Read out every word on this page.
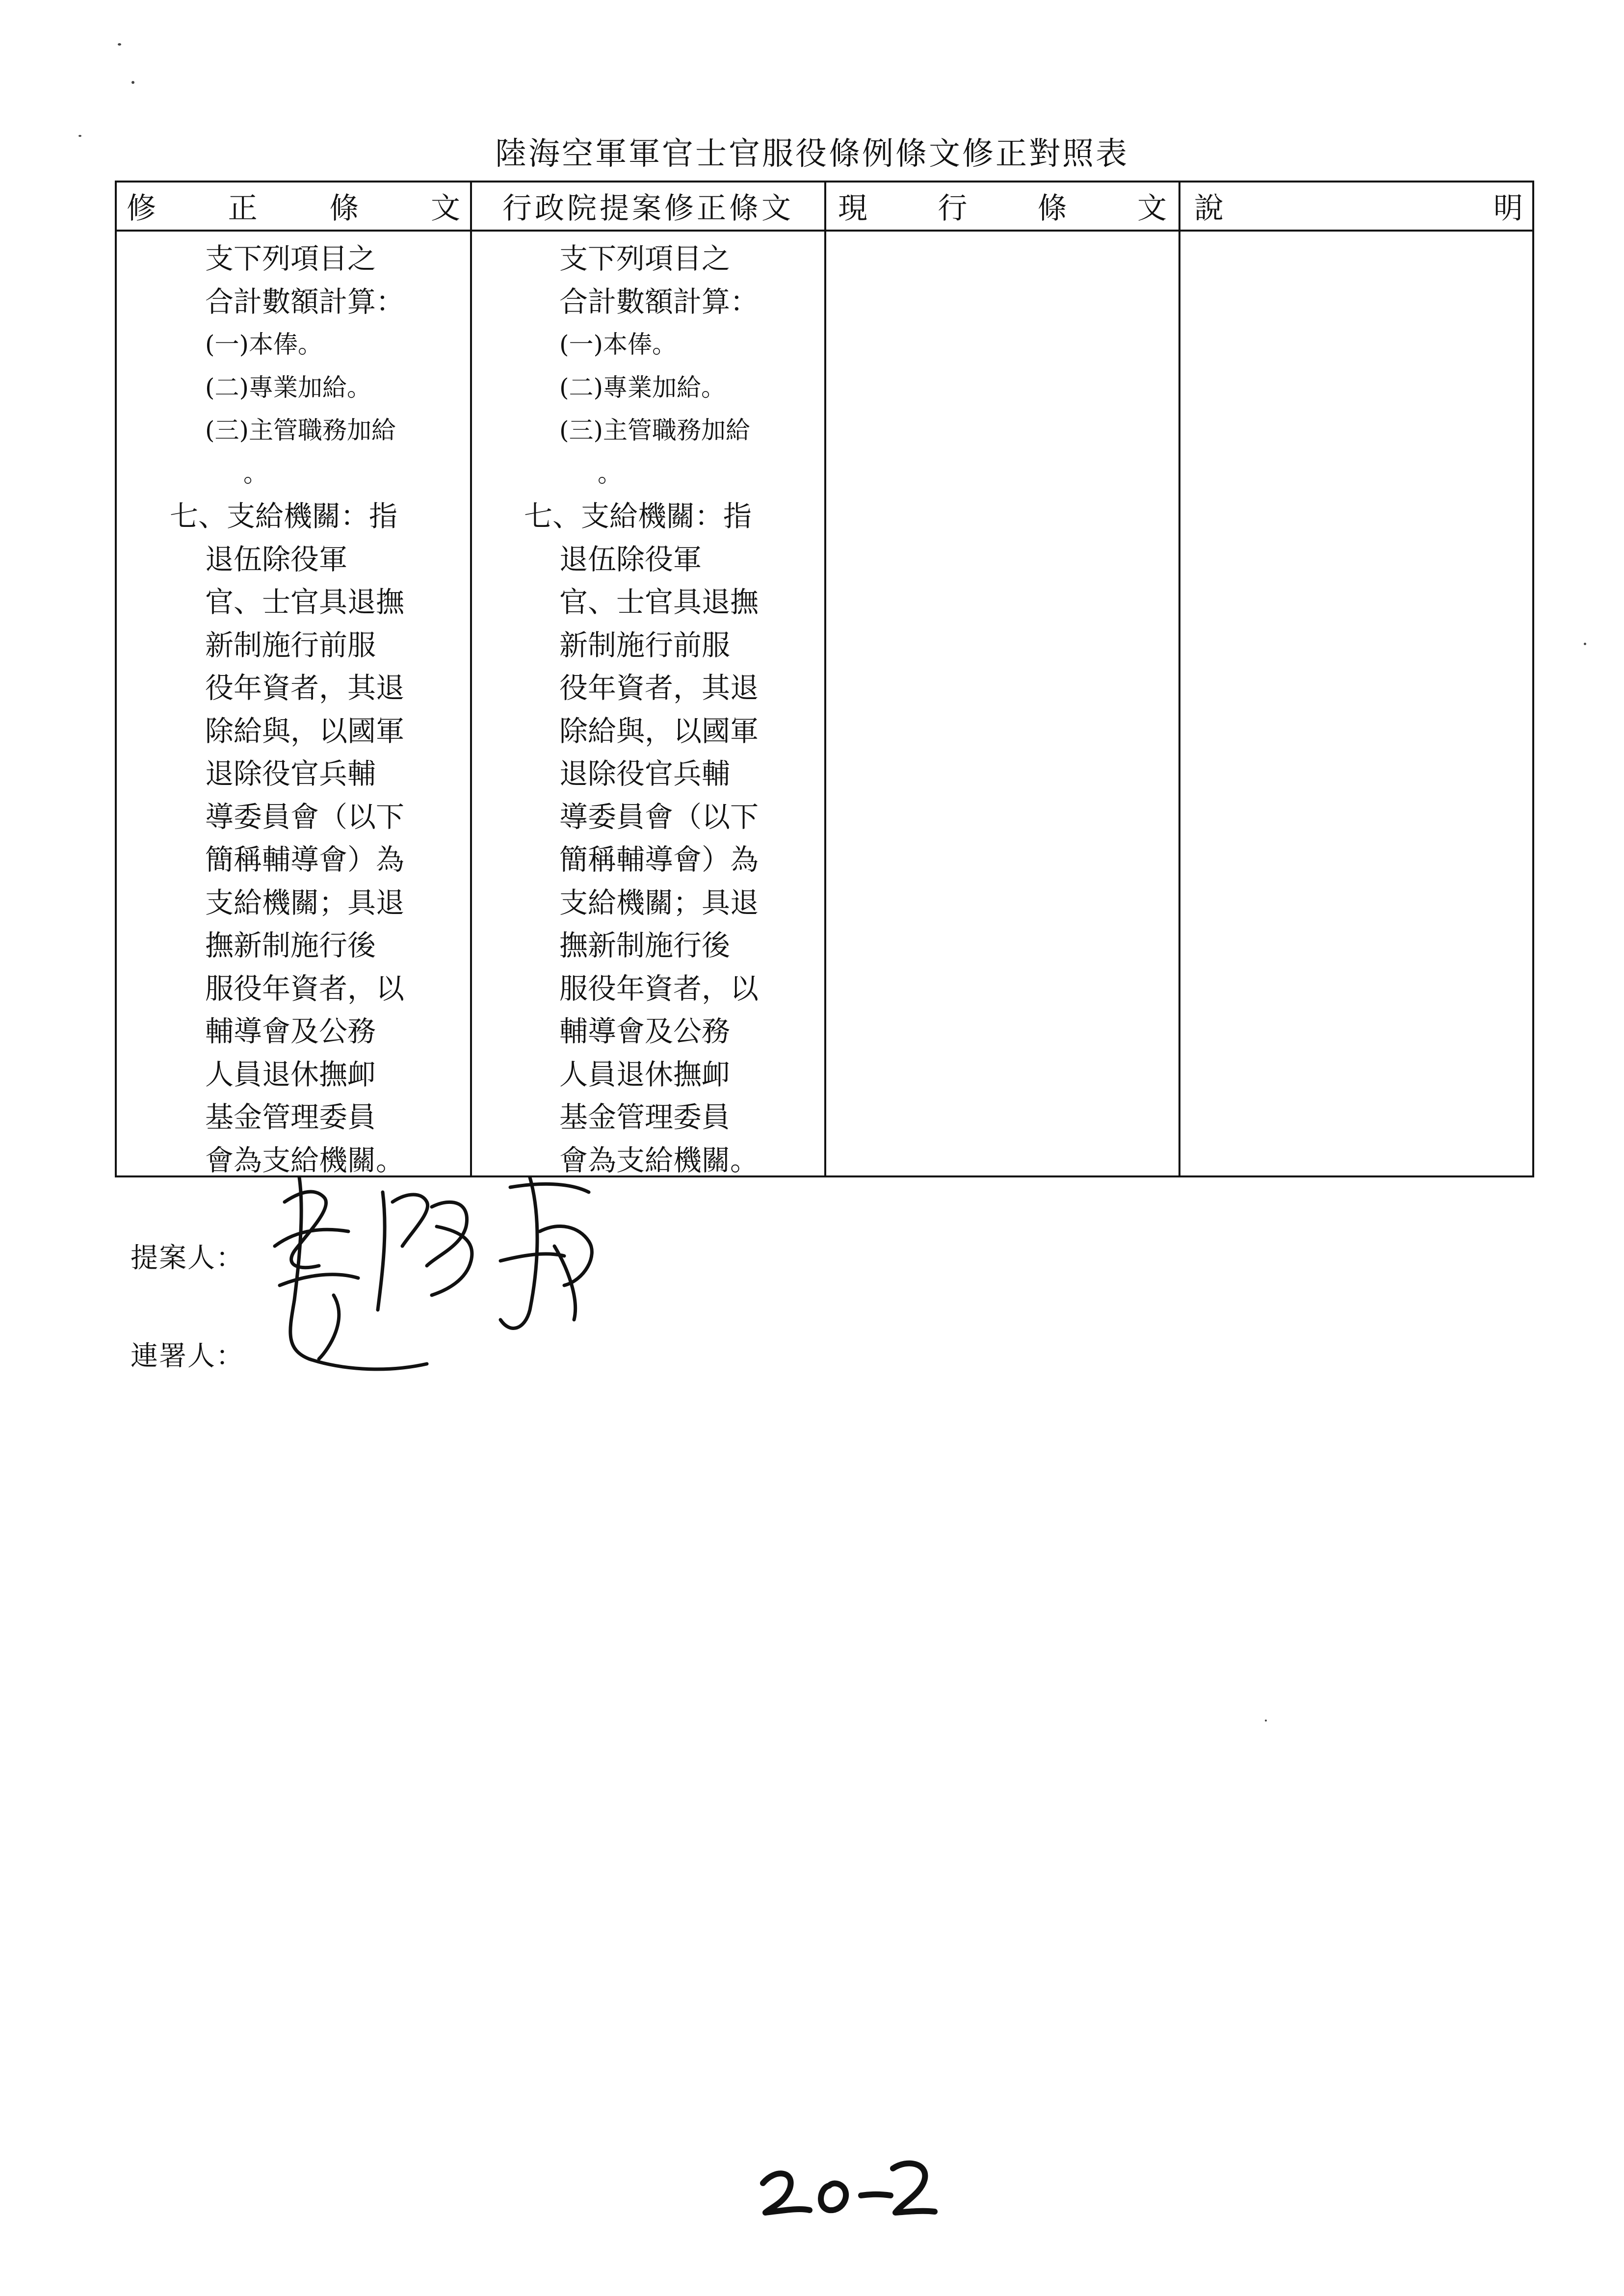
陸海空軍軍官士官服役條例條文修正對照表
修 正 條 文 行政院提案修正條文 現 行 條 文 說	明
支下列項目之
合計數額計算：
(一)本俸。
(二)專業加給。
(三)主管職務加給
。
七、支給機關：指
退伍除役軍
官、士官具退撫
新制施行前服
役年資者，其退
除給與，以國軍
退除役官兵輔
導委員會（以下
簡稱輔導會）為
支給機關；具退
撫新制施行後
服役年資者，以
輔導會及公務
人員退休撫卹
基金管理委員
會為支給機關。
支下列項目之
合計數額計算：
(一)本俸。
(二)專業加給。
(三)主管職務加給
。
七、支給機關：指
退伍除役軍
官、士官具退撫
新制施行前服
役年資者，其退
除給與，以國軍
退除役官兵輔
導委員會（以下
簡稱輔導會）為
支給機關；具退
撫新制施行後
服役年資者，以
輔導會及公務
人員退休撫卹
基金管理委員
會為支給機關。
提案人：
連署人：
